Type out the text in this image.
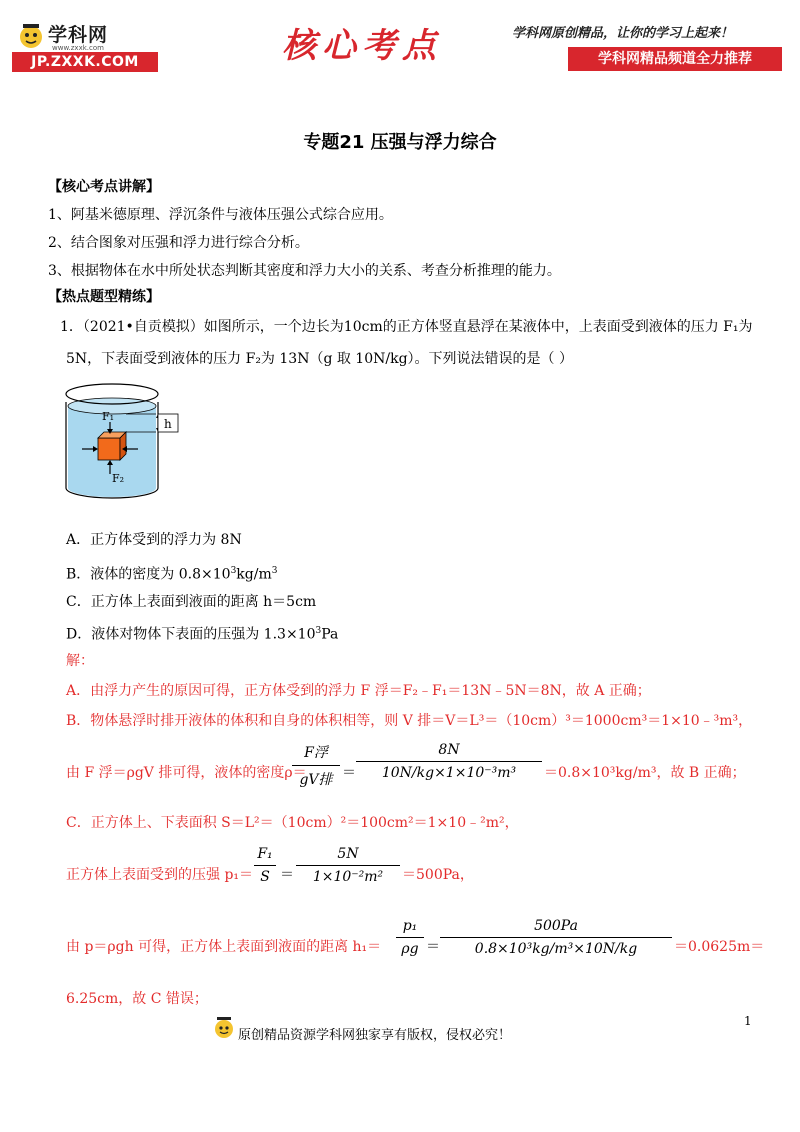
学科网
www.zxxk.com
JP.ZXXK.COM	核心考点	学科网原创精品，让你的学习上起来！
学科网精品频道全力推荐
专题21 压强与浮力综合
【核心考点讲解】
1、阿基米德原理、浮沉条件与液体压强公式综合应用。
2、结合图象对压强和浮力进行综合分析。
3、根据物体在水中所处状态判断其密度和浮力大小的关系、考查分析推理的能力。
【热点题型精练】
1．（2021•自贡模拟）如图所示，一个边长为10cm的正方体竖直悬浮在某液体中，上表面受到液体的压力 F₁为
5N，下表面受到液体的压力 F₂为 13N（g 取 10N/kg）。下列说法错误的是（ ）
h
F₁
F₂
A．正方体受到的浮力为 8N
B．液体的密度为 $0.8\times 10^3kg/m^3$
C．正方体上表面到液面的距离 h＝5cm
D．液体对物体下表面的压强为 $1.3\times 10^3Pa$
解：
A．由浮力产生的原因可得，正方体受到的浮力 F 浮＝F₂﹣F₁＝13N﹣5N＝8N，故 A 正确；
B．物体悬浮时排开液体的体积和自身的体积相等，则 V 排＝V＝L³＝（10cm）³＝1000cm³＝1×10﹣³m³，
由 F 浮＝ρgV 排可得，液体的密度ρ＝
F浮
gV排 ＝
8N
10N/kg×1×10⁻³m³	＝0.8×10³kg/m³，故 B 正确；
C．正方体上、下表面积 S＝L²＝（10cm）²＝100cm²＝1×10﹣²m²，
正方体上表面受到的压强 p₁＝
F₁
S ＝
5N
1×10⁻²m²	＝500Pa，
由 p＝ρgh 可得，正方体上表面到液面的距离 h₁＝
p₁
ρg ＝
500Pa
0.8×10³kg/m³×10N/kg	＝0.0625m＝
6.25cm，故 C 错误；
原创精品资源学科网独家享有版权，侵权必究！
1
